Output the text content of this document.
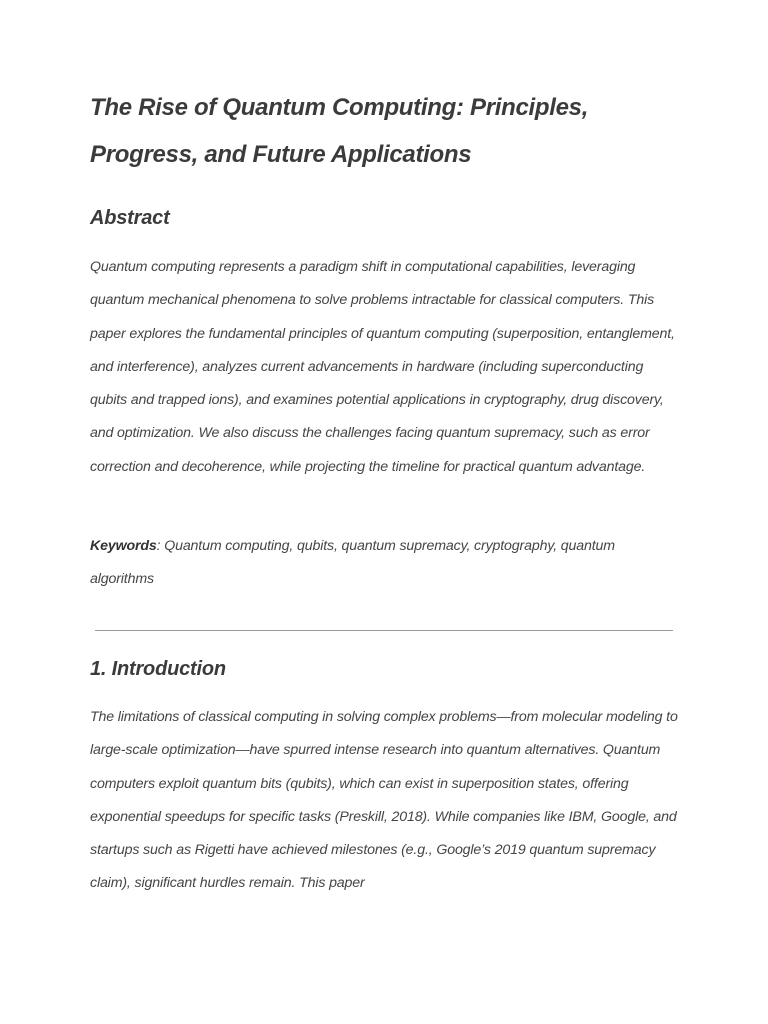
The Rise of Quantum Computing: Principles, Progress, and Future Applications
Abstract

Quantum computing represents a paradigm shift in computational capabilities, leveraging quantum mechanical phenomena to solve problems intractable for classical computers. This paper explores the fundamental principles of quantum computing (superposition, entanglement, and interference), analyzes current advancements in hardware (including superconducting qubits and trapped ions), and examines potential applications in cryptography, drug discovery, and optimization. We also discuss the challenges facing quantum supremacy, such as error correction and decoherence, while projecting the timeline for practical quantum advantage.

Keywords: Quantum computing, qubits, quantum supremacy, cryptography, quantum algorithms

1. Introduction

The limitations of classical computing in solving complex problems—from molecular modeling to large-scale optimization—have spurred intense research into quantum alternatives. Quantum computers exploit quantum bits (qubits), which can exist in superposition states, offering exponential speedups for specific tasks (Preskill, 2018). While companies like IBM, Google, and startups such as Rigetti have achieved milestones (e.g., Google’s 2019 quantum supremacy claim), significant hurdles remain. This paper
